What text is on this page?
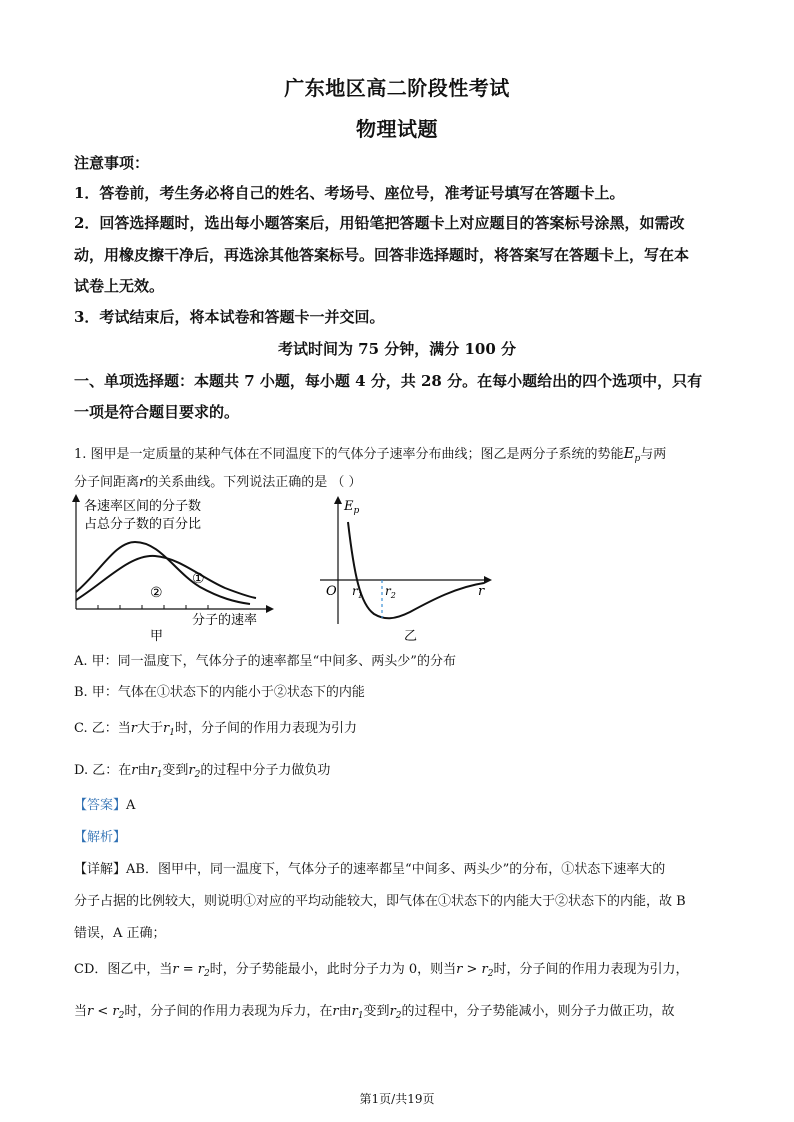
广东地区高二阶段性考试
物理试题
注意事项：
1．答卷前，考生务必将自己的姓名、考场号、座位号，准考证号填写在答题卡上。
2．回答选择题时，选出每小题答案后，用铅笔把答题卡上对应题目的答案标号涂黑，如需改
动，用橡皮擦干净后，再选涂其他答案标号。回答非选择题时，将答案写在答题卡上，写在本
试卷上无效。
3．考试结束后，将本试卷和答题卡一并交回。
考试时间为 75 分钟，满分 100 分
一、单项选择题：本题共 7 小题，每小题 4 分，共 28 分。在每小题给出的四个选项中，只有
一项是符合题目要求的。
1. 图甲是一定质量的某种气体在不同温度下的气体分子速率分布曲线；图乙是两分子系统的势能$E_p$与两
分子间距离r的关系曲线。下列说法正确的是 （ ）
各速率区间的分子数
占总分子数的百分比
①
②
分子的速率
甲
$E_p$
O	r
$r_1$ $r_2$
乙
A. 甲：同一温度下，气体分子的速率都呈“中间多、两头少”的分布
B. 甲：气体在①状态下的内能小于②状态下的内能
C. 乙：当r大于$r_1$时，分子间的作用力表现为引力
D. 乙：在r由$r_1$变到$r_2$的过程中分子力做负功
【答案】A
【解析】
【详解】AB．图甲中，同一温度下，气体分子的速率都呈“中间多、两头少”的分布，①状态下速率大的
分子占据的比例较大，则说明①对应的平均动能较大，即气体在①状态下的内能大于②状态下的内能，故 B
错误，A 正确；
CD．图乙中，当$r = r_2$时，分子势能最小，此时分子力为 0，则当$r > r_2$时，分子间的作用力表现为引力，
当$r < r_2$时，分子间的作用力表现为斥力，在r由$r_1$变到$r_2$的过程中，分子势能减小，则分子力做正功，故
第1页/共19页
